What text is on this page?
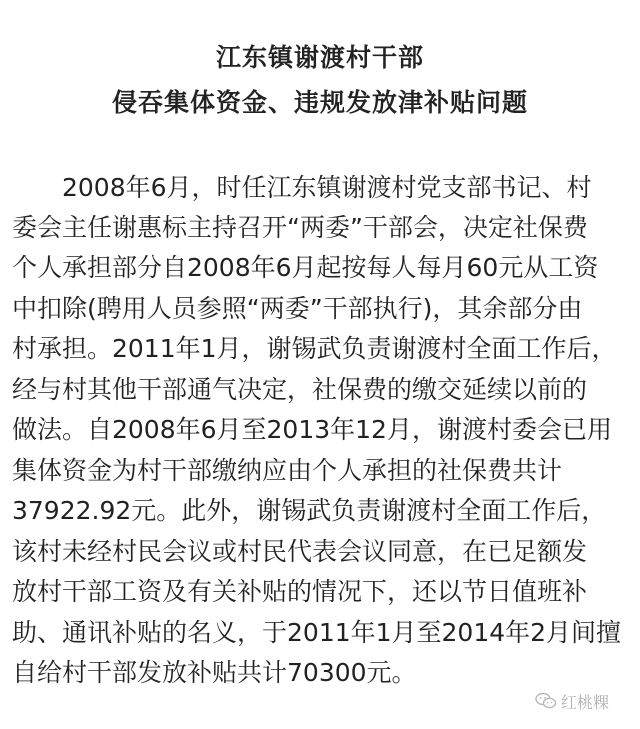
江东镇谢渡村干部
侵吞集体资金、违规发放津补贴问题
　　2008年6月，时任江东镇谢渡村党支部书记、村
委会主任谢惠标主持召开“两委”干部会，决定社保费
个人承担部分自2008年6月起按每人每月60元从工资
中扣除(聘用人员参照“两委”干部执行)，其余部分由
村承担。2011年1月，谢锡武负责谢渡村全面工作后，
经与村其他干部通气决定，社保费的缴交延续以前的
做法。自2008年6月至2013年12月，谢渡村委会已用
集体资金为村干部缴纳应由个人承担的社保费共计
37922.92元。此外，谢锡武负责谢渡村全面工作后，
该村未经村民会议或村民代表会议同意，在已足额发
放村干部工资及有关补贴的情况下，还以节日值班补
助、通讯补贴的名义，于2011年1月至2014年2月间擅
自给村干部发放补贴共计70300元。
红桃粿
